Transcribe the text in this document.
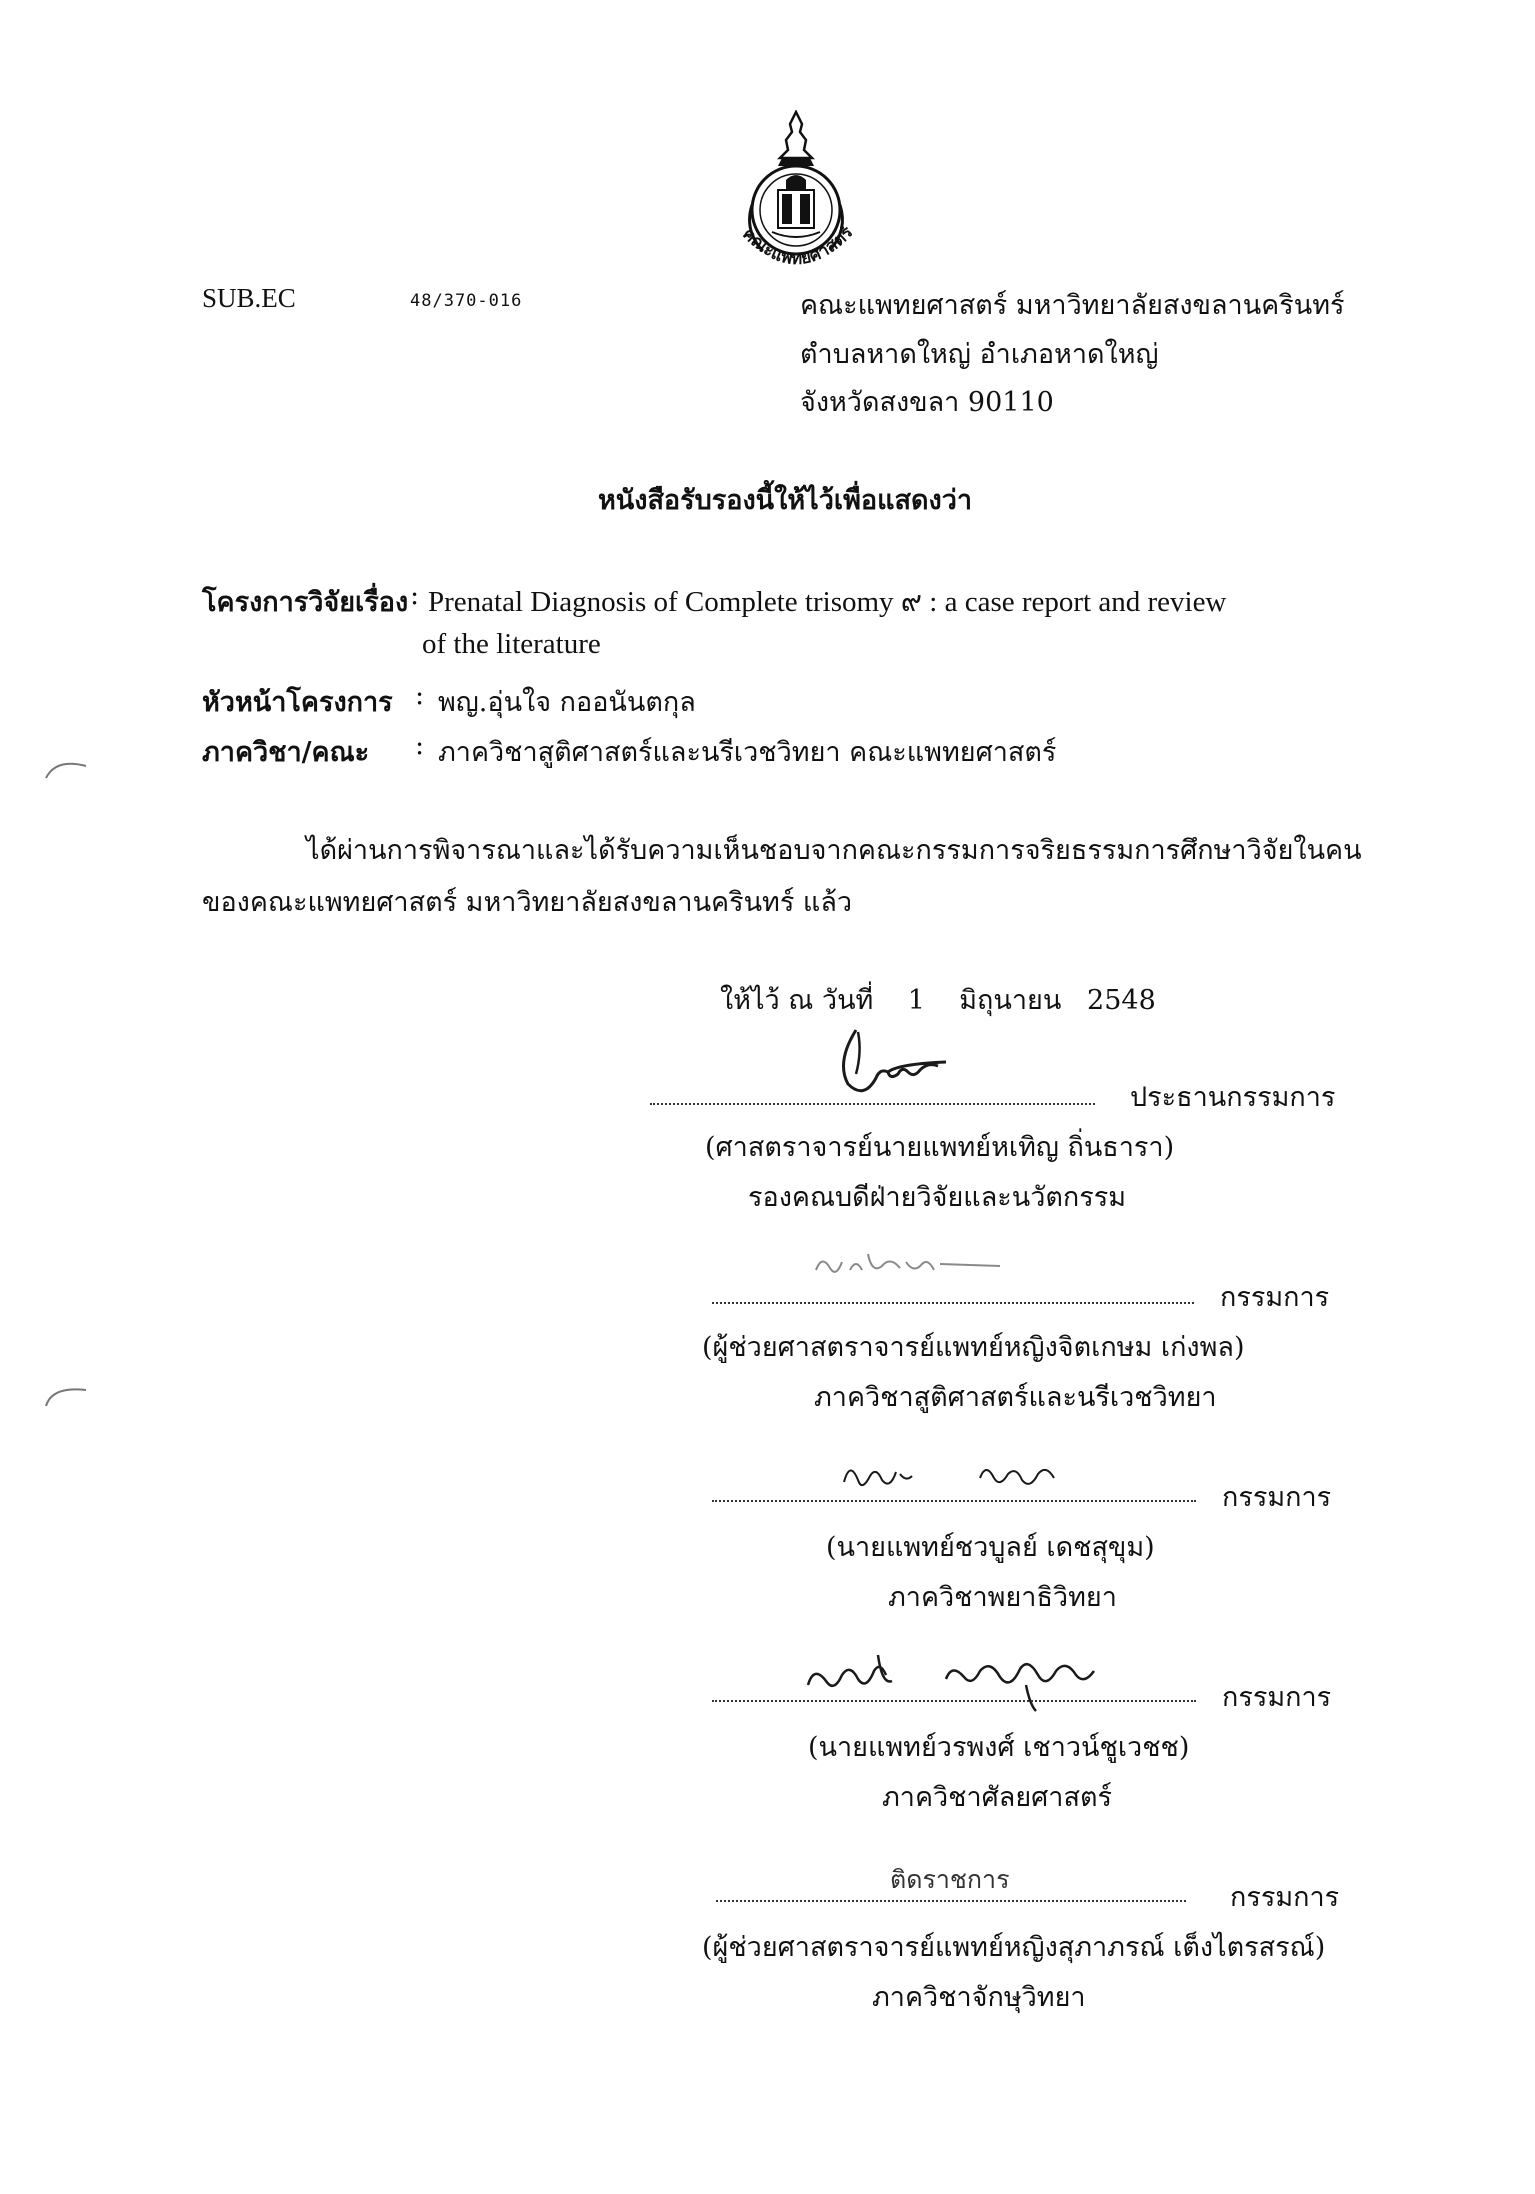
คณะแพทยศาสตร์
SUB.EC	48/370-016	คณะแพทยศาสตร์ มหาวิทยาลัยสงขลานครินทร์
ตำบลหาดใหญ่ อำเภอหาดใหญ่
จังหวัดสงขลา 90110
หนังสือรับรองนี้ให้ไว้เพื่อแสดงว่า
โครงการวิจัยเรื่อง : Prenatal Diagnosis of Complete trisomy ๙ : a case report and review
of the literature
หัวหน้าโครงการ : พญ.อุ่นใจ กออนันตกุล
ภาควิชา/คณะ : ภาควิชาสูติศาสตร์และนรีเวชวิทยา คณะแพทยศาสตร์
ได้ผ่านการพิจารณาและได้รับความเห็นชอบจากคณะกรรมการจริยธรรมการศึกษาวิจัยในคน
ของคณะแพทยศาสตร์ มหาวิทยาลัยสงขลานครินทร์ แล้ว
ให้ไว้ ณ วันที่ 1 มิถุนายน 2548
ประธานกรรมการ
(ศาสตราจารย์นายแพทย์หเทิญ ถิ่นธารา)
รองคณบดีฝ่ายวิจัยและนวัตกรรม
กรรมการ
(ผู้ช่วยศาสตราจารย์แพทย์หญิงจิตเกษม เก่งพล)
ภาควิชาสูติศาสตร์และนรีเวชวิทยา
กรรมการ
(นายแพทย์ชวบูลย์ เดชสุขุม)
ภาควิชาพยาธิวิทยา
กรรมการ
(นายแพทย์วรพงศ์ เชาวน์ชูเวชช)
ภาควิชาศัลยศาสตร์
ติดราชการ
กรรมการ
(ผู้ช่วยศาสตราจารย์แพทย์หญิงสุภาภรณ์ เต็งไตรสรณ์)
ภาควิชาจักษุวิทยา
